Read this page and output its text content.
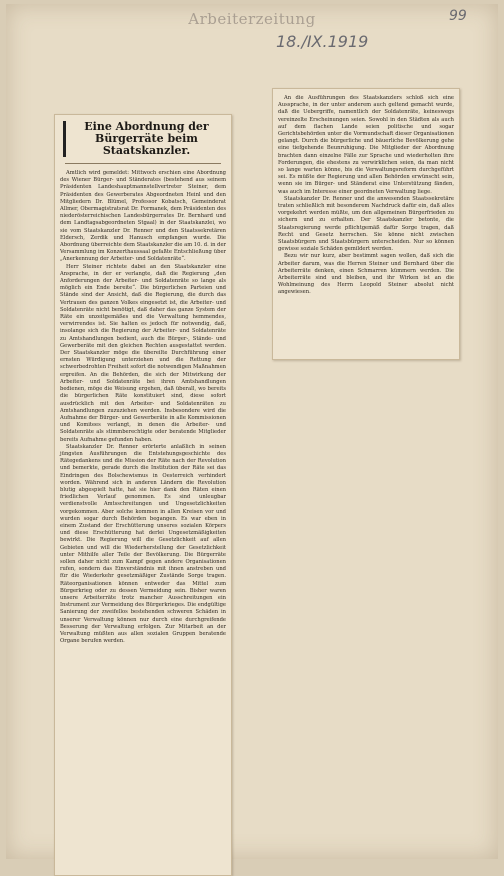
Arbeiterzeitung	99
18./IX.1919
Eine Abordnung der Bürgerräte beim Staatskanzler.

Amtlich wird gemeldet: Mittwoch erschien eine Abordnung des Wiener Bürger- und Ständerates (bestehend aus seinem Präsidenten Landeshauptmannstellvertreter Steiner, dem Präsidenten des Gewerberates Abgeordneten Heinl und den Mitgliedern Dr. Blümel, Professor Kobatsch, Gemeinderat Allmer, Obermagistratsrat Dr. Formanek, dem Präsidenten des niederösterreichischen Landesbürgerrates Dr. Bernhard und dem Landtagsabgeordneten Stgaal) in der Staatskanzlei, wo sie vom Staatskanzler Dr. Renner und den Staatssekretären Eldersch, Zerdik und Hanusch empfangen wurde. Die Abordnung überreichte dem Staatskanzler die am 10. d. in der Versammlung im Konzerthaussaal gefaßte Entschließung über „Anerkennung der Arbeiter- und Soldatenräte“.

Herr Steiner richtete dabei an den Staatskanzler eine Ansprache, in der er verlangte, daß die Regierung „den Anforderungen der Arbeiter- und Soldatenräte so lange als möglich ein Ende bereite“. Die bürgerlichen Parteien und Stände sind der Ansicht, daß die Regierung, die durch das Vertrauen des ganzen Volkes eingesetzt ist, die Arbeiter- und Soldatenräte nicht benötigt, daß daher das ganze System der Räte ein unzeitgemäßes und die Verwaltung hemmendes, verwirrendes ist. Sie halten es jedoch für notwendig, daß, insolange sich die Regierung der Arbeiter- und Soldatenräte zu Amtshandlungen bedient, auch die Bürger-, Stände- und Gewerberäte mit den gleichen Rechten ausgestattet werden. Der Staatskanzler möge die übereilte Durchführung einer ernsten Würdigung unterziehen und die Rettung der schwerbedrohten Freiheit sofort die notwendigen Maßnahmen ergreifen. An die Behörden, die sich der Mitwirkung der Arbeiter- und Soldatenräte bei ihren Amtshandlungen bedienen, möge die Weisung ergehen, daß überall, wo bereits die bürgerlichen Räte konstituiert sind, diese sofort ausdrücklich mit den Arbeiter- und Soldatenräten zu Amtshandlungen zuzuziehen werden. Insbesondere wird die Aufnahme der Bürger- und Gewerberäte in alle Kommissionen und Komitees verlangt, in denen die Arbeiter- und Soldatenräte als stimmberechtigte oder beratende Mitglieder bereits Aufnahme gefunden haben.

Staatskanzler Dr. Renner erörterte anlaßlich in seinen jüngsten Ausführungen die Entstehungsgeschichte des Rätegedankens und die Mission der Räte nach der Revolution und bemerkte, gerade durch die Institution der Räte sei das Eindringen des Bolschewismus in Oesterreich verhindert worden. Während sich in anderen Ländern die Revolution blutig abgespielt hatte, hat sie hier dank den Räten einen friedlichen Verlauf genommen. Es sind unleugbar verdienstvolle Amtsschreitungen und Ungesetzlichkeiten vorgekommen. Aber solche kommen in allen Kreisen vor und wurden sogar durch Behörden begangen. Es war eben in einem Zustand der Erschütterung unseres sozialen Körpers und diese Erschütterung hat derlei Ungesetzmäßigkeiten bewirkt. Die Regierung will die Gesetzlichkeit auf allen Gebieten und will die Wiederherstellung der Gesetzlichkeit unter Mithilfe aller Teile der Bevölkerung. Die Bürgerräte sollen daher nicht zum Kampf gegen andere Organisationen rufen, sondern das Einverständnis mit ihnen anstreben und für die Wiederkehr gesetzmäßiger Zustände Sorge tragen. Räteorganisationen können entweder das Mittel zum Bürgerkrieg oder zu dessen Vermeidung sein. Bisher waren unsere Arbeiterräte trotz mancher Ausschreitungen ein Instrument zur Vermeidung des Bürgerkrieges. Die endgültige Sanierung der zweifellos bestehenden schweren Schäden in unserer Verwaltung können nur durch eine durchgreifende Besserung der Verwaltung erfolgen. Zur Mitarbeit an der Verwaltung müßten aus allen sozialen Gruppen beratende Organe berufen werden.

An die Ausführungen des Staatskanzlers schloß sich eine Aussprache, in der unter anderem auch geltend gemacht wurde, daß die Uebergriffe, namentlich der Soldatenräte, keineswegs vereinzelte Erscheinungen seien. Sowohl in den Städten als auch auf dem flachen Lande seien politische und sogar Gerichtsbehörden unter die Vormundschaft dieser Organisationen gelangt. Durch die bürgerliche und bäuerliche Bevölkerung gehe eine tiefgehende Beunruhigung. Die Mitglieder der Abordnung brachten dann einzelne Fälle zur Sprache und wiederholten ihre Forderungen, die ehestens zu verwirklichen seien, da man nicht so lange warten könne, bis die Verwaltungsreform durchgeführt sei. Es müßte der Regierung und allen Behörden erwünscht sein, wenn sie im Bürger- und Ständerat eine Unterstützung fänden, was auch im Interesse einer geordneten Verwaltung liege.

Staatskanzler Dr. Renner und die anwesenden Staatssekretäre traten schließlich mit besonderem Nachdruck dafür ein, daß alles vorgekehrt werden müßte, um den allgemeinen Bürgerfrieden zu sichern und zu erhalten. Der Staatskanzler betonte, die Staatsregierung werde pflichtgemäß dafür Sorge tragen, daß Recht und Gesetz herrschen. Sie könne nicht zwischen Staatsbürgern und Staatsbürgern unterscheiden. Nur so können gewisse soziale Schäden gemildert werden.

Bezu wir nur kurz, aber bestimmt sagen wollen, daß sich die Arbeiter darum, was die Herren Steiner und Bernhard über die Arbeiterräte denken, einen Schmarren kümmern werden. Die Arbeiterräte sind und bleiben, und ihr Wirken ist an die Wohlmeinung des Herrn Leopold Steiner absolut nicht angewiesen.
